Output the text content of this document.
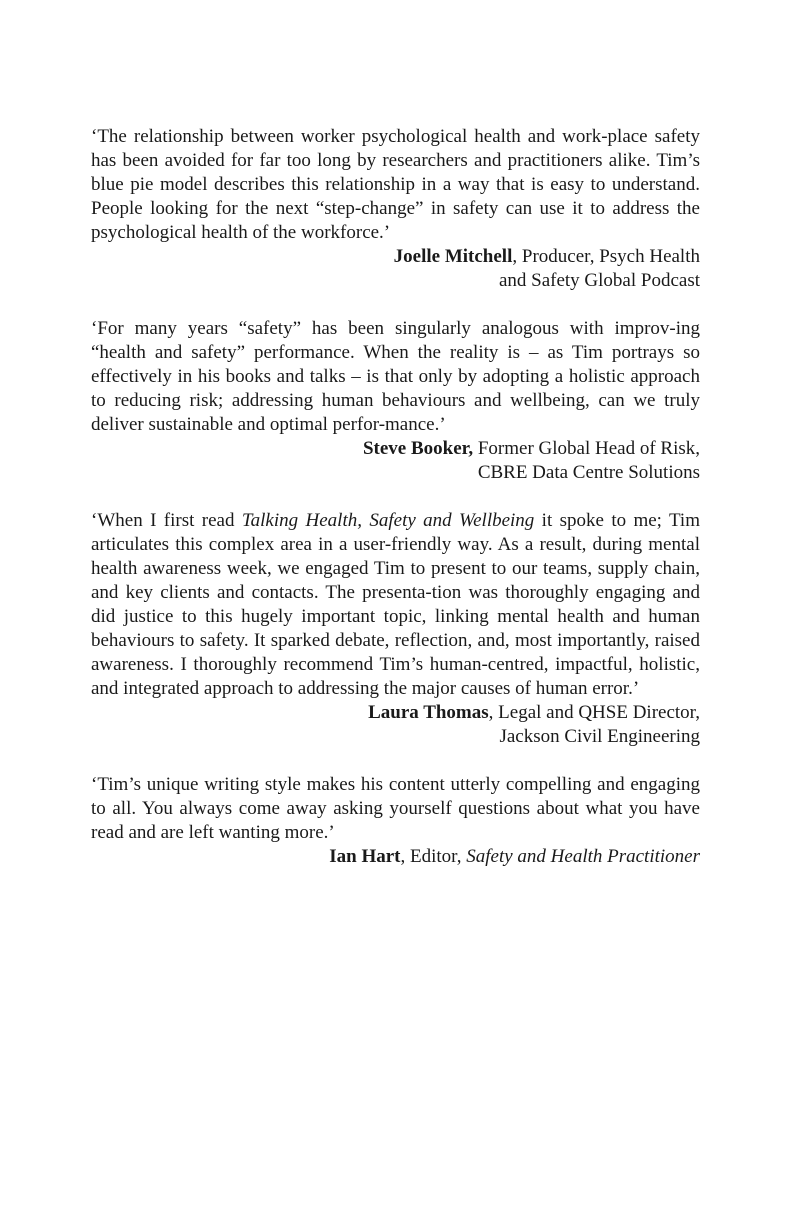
‘The relationship between worker psychological health and work-place safety has been avoided for far too long by researchers and practitioners alike. Tim’s blue pie model describes this relationship in a way that is easy to understand. People looking for the next “step-change” in safety can use it to address the psychological health of the workforce.’

Joelle Mitchell, Producer, Psych Health
and Safety Global Podcast

‘For many years “safety” has been singularly analogous with improv-ing “health and safety” performance. When the reality is – as Tim portrays so effectively in his books and talks – is that only by adopting a holistic approach to reducing risk; addressing human behaviours and wellbeing, can we truly deliver sustainable and optimal perfor-mance.’

Steve Booker, Former Global Head of Risk,
CBRE Data Centre Solutions

‘When I first read Talking Health, Safety and Wellbeing it spoke to me; Tim articulates this complex area in a user-friendly way. As a result, during mental health awareness week, we engaged Tim to present to our teams, supply chain, and key clients and contacts. The presenta-tion was thoroughly engaging and did justice to this hugely important topic, linking mental health and human behaviours to safety. It sparked debate, reflection, and, most importantly, raised awareness. I thoroughly recommend Tim’s human-centred, impactful, holistic, and integrated approach to addressing the major causes of human error.’

Laura Thomas, Legal and QHSE Director,
Jackson Civil Engineering

‘Tim’s unique writing style makes his content utterly compelling and engaging to all. You always come away asking yourself questions about what you have read and are left wanting more.’

Ian Hart, Editor, Safety and Health Practitioner
